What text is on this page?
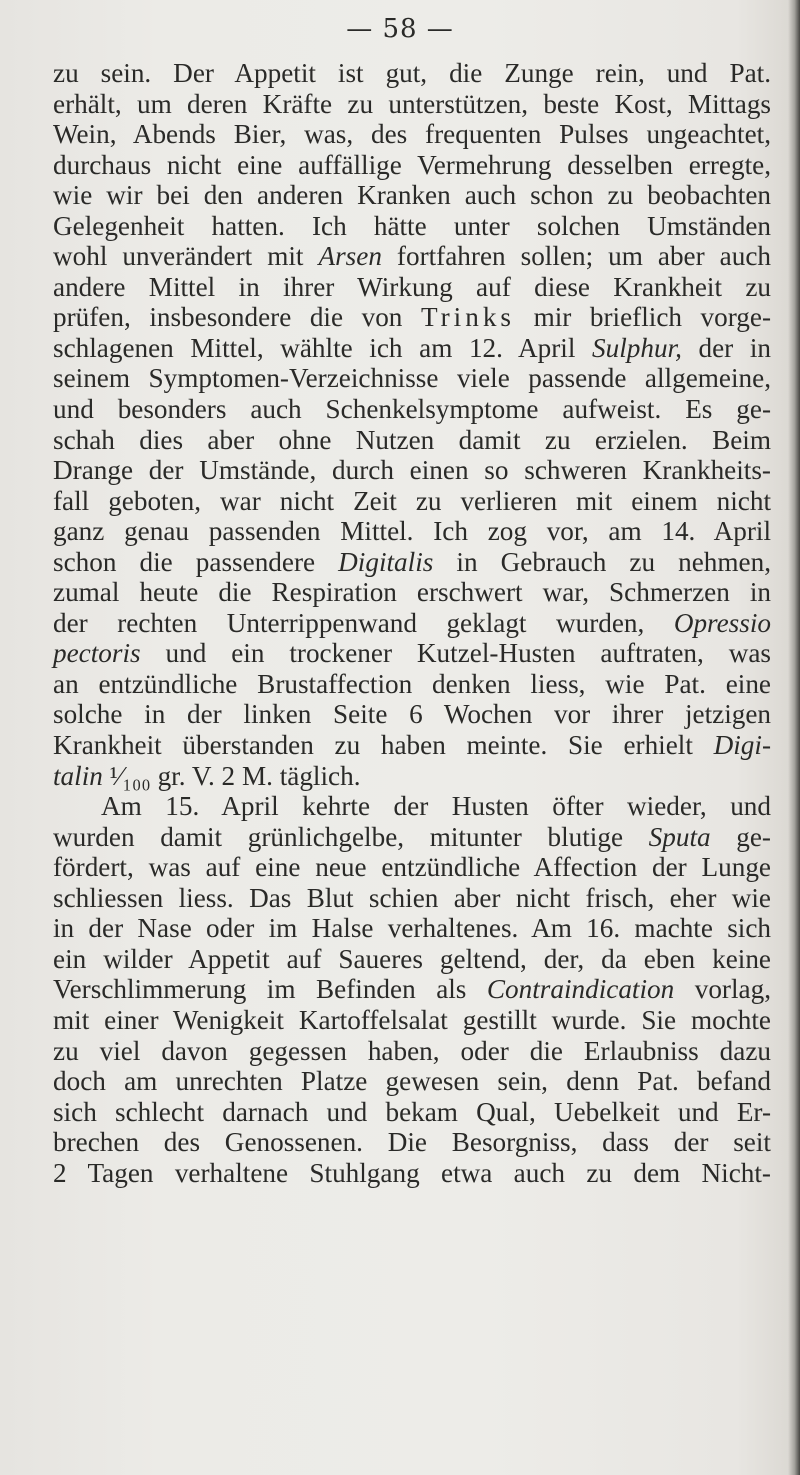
— 58 —
zu sein. Der Appetit ist gut, die Zunge rein, und Pat.
erhält, um deren Kräfte zu unterstützen, beste Kost, Mittags
Wein, Abends Bier, was, des frequenten Pulses ungeachtet,
durchaus nicht eine auffällige Vermehrung desselben erregte,
wie wir bei den anderen Kranken auch schon zu beobachten
Gelegenheit hatten. Ich hätte unter solchen Umständen
wohl unverändert mit Arsen fortfahren sollen; um aber auch
andere Mittel in ihrer Wirkung auf diese Krankheit zu
prüfen, insbesondere die von Trinks mir brieflich vorge-
schlagenen Mittel, wählte ich am 12. April Sulphur, der in
seinem Symptomen-Verzeichnisse viele passende allgemeine,
und besonders auch Schenkelsymptome aufweist. Es ge-
schah dies aber ohne Nutzen damit zu erzielen. Beim
Drange der Umstände, durch einen so schweren Krankheits-
fall geboten, war nicht Zeit zu verlieren mit einem nicht
ganz genau passenden Mittel. Ich zog vor, am 14. April
schon die passendere Digitalis in Gebrauch zu nehmen,
zumal heute die Respiration erschwert war, Schmerzen in
der rechten Unterrippenwand geklagt wurden, Opressio
pectoris und ein trockener Kutzel-Husten auftraten, was
an entzündliche Brustaffection denken liess, wie Pat. eine
solche in der linken Seite 6 Wochen vor ihrer jetzigen
Krankheit überstanden zu haben meinte. Sie erhielt Digi-
talin ¹⁄₁₀₀ gr. V. 2 M. täglich.
Am 15. April kehrte der Husten öfter wieder, und
wurden damit grünlichgelbe, mitunter blutige Sputa ge-
fördert, was auf eine neue entzündliche Affection der Lunge
schliessen liess. Das Blut schien aber nicht frisch, eher wie
in der Nase oder im Halse verhaltenes. Am 16. machte sich
ein wilder Appetit auf Saueres geltend, der, da eben keine
Verschlimmerung im Befinden als Contraindication vorlag,
mit einer Wenigkeit Kartoffelsalat gestillt wurde. Sie mochte
zu viel davon gegessen haben, oder die Erlaubniss dazu
doch am unrechten Platze gewesen sein, denn Pat. befand
sich schlecht darnach und bekam Qual, Uebelkeit und Er-
brechen des Genossenen. Die Besorgniss, dass der seit
2 Tagen verhaltene Stuhlgang etwa auch zu dem Nicht-
